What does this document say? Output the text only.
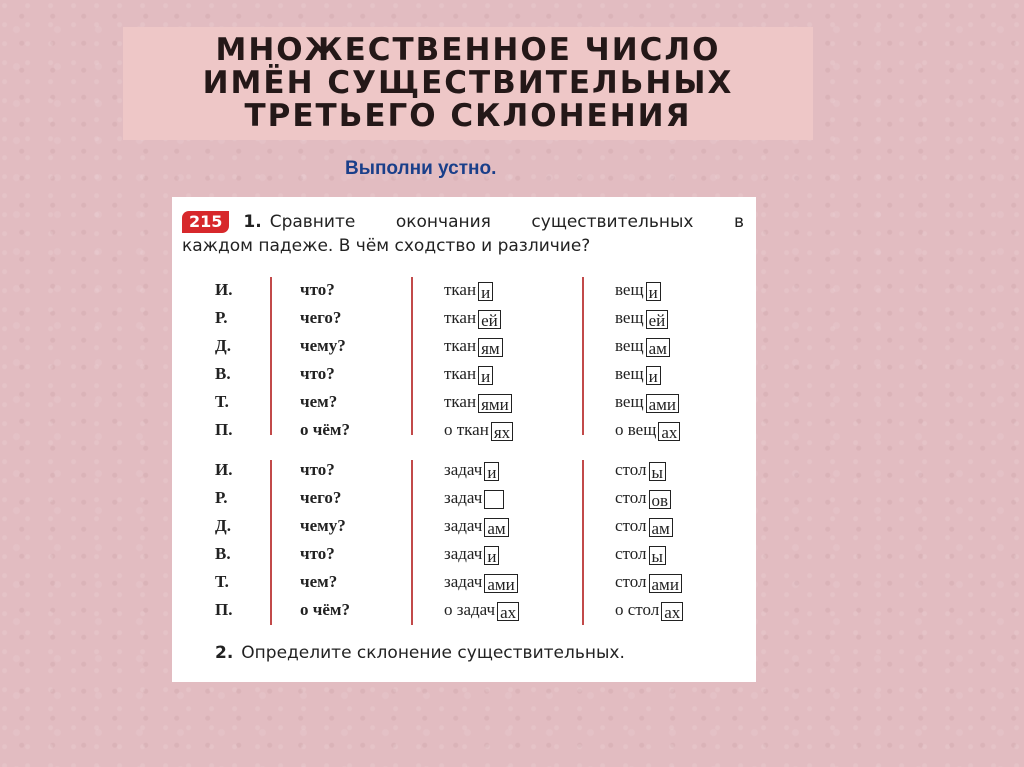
МНОЖЕСТВЕННОЕ ЧИСЛО
ИМЁН СУЩЕСТВИТЕЛЬНЫХ
ТРЕТЬЕГО СКЛОНЕНИЯ
Выполни устно.
215 1. Сравните окончания существительных в
каждом падеже. В чём сходство и различие?
И.	что?	ткан и	вещ и
Р.	чего?	ткан ей	вещ ей
Д.	чему?	ткан ям	вещ ам
В.	что?	ткан и	вещ и
Т.	чем?	ткан ями	вещ ами
П.	о чём?	о ткан ях	о вещ ах
И.	что?	задач и	стол ы
Р.	чего?	задач	стол ов
Д.	чему?	задач ам	стол ам
В.	что?	задач и	стол ы
Т.	чем?	задач ами	стол ами
П.	о чём?	о задач ах	о стол ах
2. Определите склонение существительных.
